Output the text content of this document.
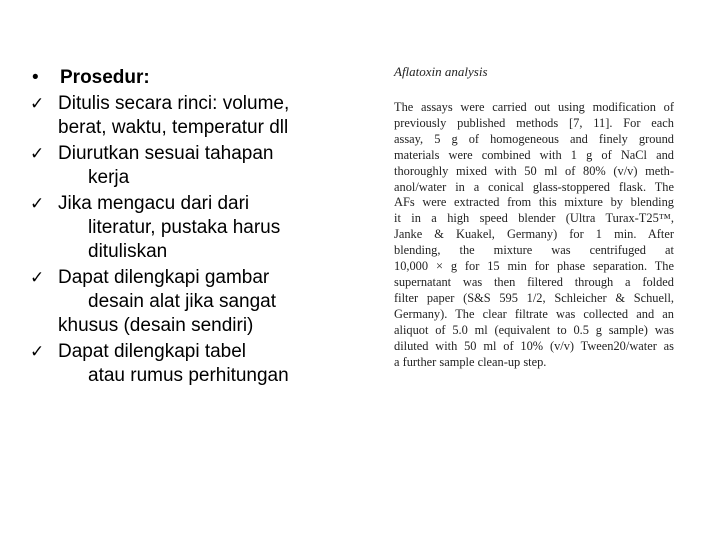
•	Prosedur:
✓ Ditulis secara rinci: volume,
berat, waktu, temperatur dll
✓ Diurutkan sesuai tahapan
kerja
✓ Jika mengacu dari dari
literatur, pustaka harus
dituliskan
✓ Dapat dilengkapi gambar
desain alat jika sangat
khusus (desain sendiri)
✓ Dapat dilengkapi tabel
atau rumus perhitungan
Aflatoxin analysis
The assays were carried out using modification of
previously published methods [7, 11]. For each
assay, 5 g of homogeneous and finely ground
materials were combined with 1 g of NaCl and
thoroughly mixed with 50 ml of 80% (v/v) meth-
anol/water in a conical glass-stoppered flask. The
AFs were extracted from this mixture by blending
it in a high speed blender (Ultra Turax-T25™,
Janke & Kuakel, Germany) for 1 min. After
blending, the mixture was centrifuged at
10,000 × g for 15 min for phase separation. The
supernatant was then filtered through a folded
filter paper (S&S 595 1/2, Schleicher & Schuell,
Germany). The clear filtrate was collected and an
aliquot of 5.0 ml (equivalent to 0.5 g sample) was
diluted with 50 ml of 10% (v/v) Tween20/water as
a further sample clean-up step.
